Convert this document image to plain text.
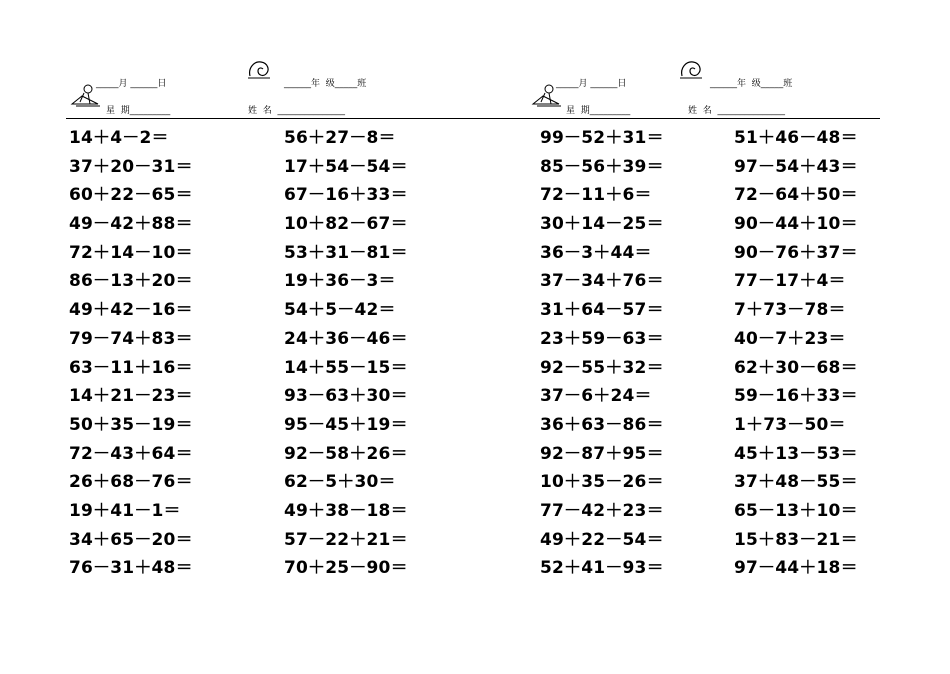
_____月 ______日	______年  级_____班
星  期_________	姓  名  _______________
_____月 ______日	______年  级_____班
星  期_________	姓  名  _______________
14＋4－2＝
37＋20－31＝
60＋22－65＝
49－42＋88＝
72＋14－10＝
86－13＋20＝
49＋42－16＝
79－74＋83＝
63－11＋16＝
14＋21－23＝
50＋35－19＝
72－43＋64＝
26＋68－76＝
19＋41－1＝
34＋65－20＝
76－31＋48＝
56＋27－8＝
17＋54－54＝
67－16＋33＝
10＋82－67＝
53＋31－81＝
19＋36－3＝
54＋5－42＝
24＋36－46＝
14＋55－15＝
93－63＋30＝
95－45＋19＝
92－58＋26＝
62－5＋30＝
49＋38－18＝
57－22＋21＝
70＋25－90＝
99－52＋31＝
85－56＋39＝
72－11＋6＝
30＋14－25＝
36－3＋44＝
37－34＋76＝
31＋64－57＝
23＋59－63＝
92－55＋32＝
37－6＋24＝
36＋63－86＝
92－87＋95＝
10＋35－26＝
77－42＋23＝
49＋22－54＝
52＋41－93＝
51＋46－48＝
97－54＋43＝
72－64＋50＝
90－44＋10＝
90－76＋37＝
77－17＋4＝
7＋73－78＝
40－7＋23＝
62＋30－68＝
59－16＋33＝
1＋73－50＝
45＋13－53＝
37＋48－55＝
65－13＋10＝
15＋83－21＝
97－44＋18＝
